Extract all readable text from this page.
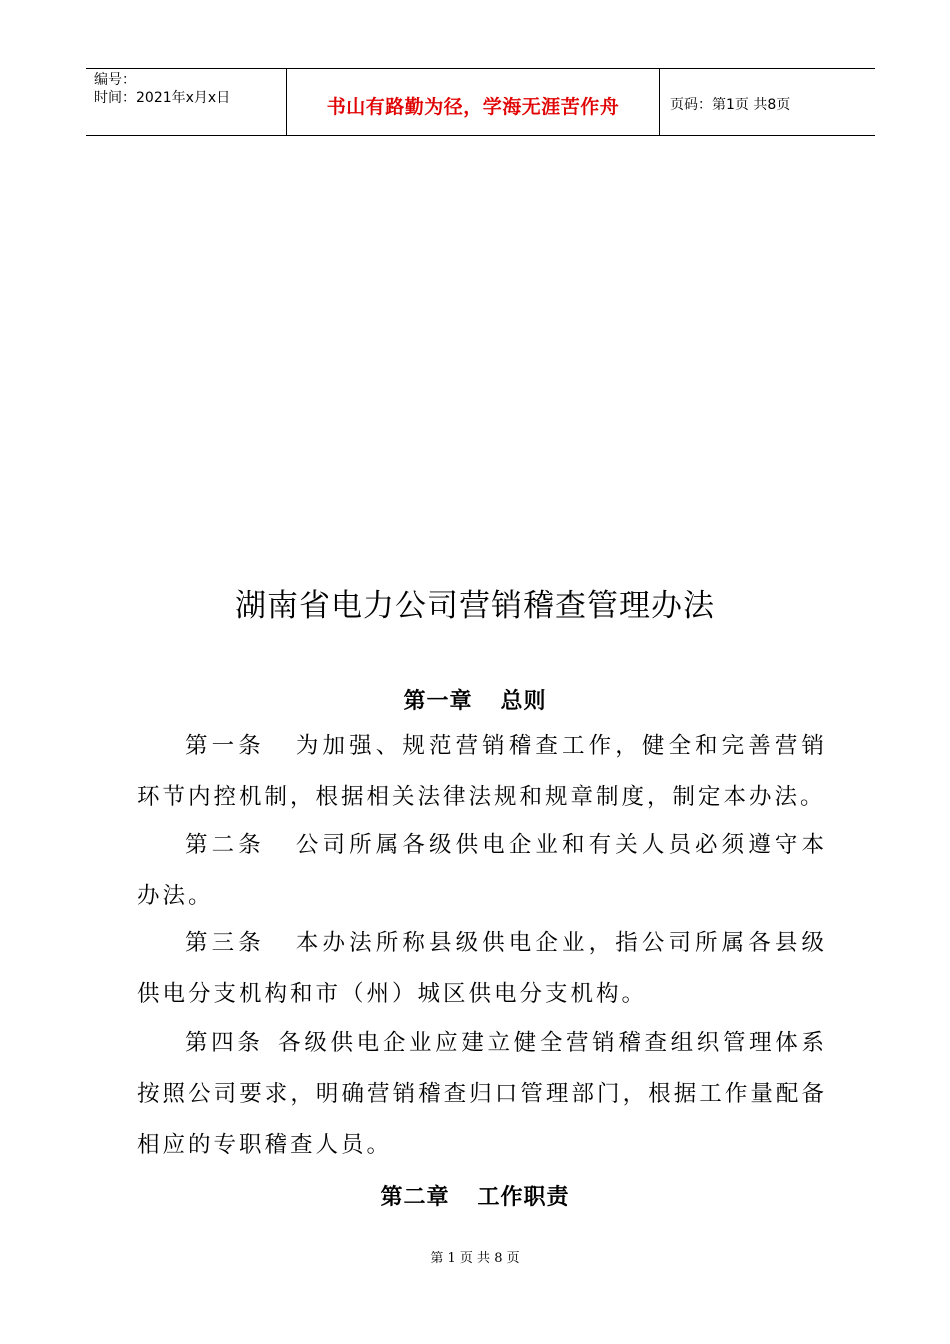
编号：
时间：2021年x月x日	书山有路勤为径，学海无涯苦作舟	页码：第1页 共8页
湖南省电力公司营销稽查管理办法
第一章 总则
第一条 为加强、规范营销稽查工作，健全和完善营销环节内控机制，根据相关法律法规和规章制度，制定本办法。
第二条 公司所属各级供电企业和有关人员必须遵守本办法。
第三条 本办法所称县级供电企业，指公司所属各县级供电分支机构和市（州）城区供电分支机构。
第四条 各级供电企业应建立健全营销稽查组织管理体系按照公司要求，明确营销稽查归口管理部门，根据工作量配备相应的专职稽查人员。
第二章 工作职责
第 1 页 共 8 页
